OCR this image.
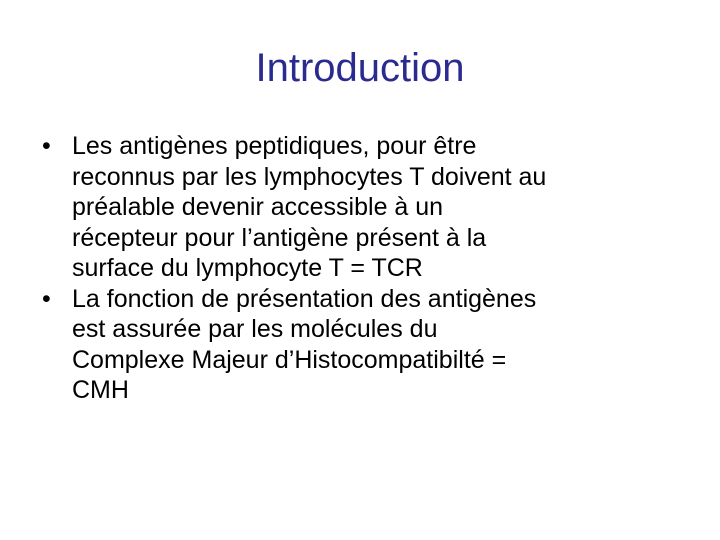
Introduction
• Les antigènes peptidiques, pour être
reconnus par les lymphocytes T doivent au
préalable devenir accessible à un
récepteur pour l’antigène présent à la
surface du lymphocyte T = TCR
• La fonction de présentation des antigènes
est assurée par les molécules du
Complexe Majeur d’Histocompatibilté =
CMH
